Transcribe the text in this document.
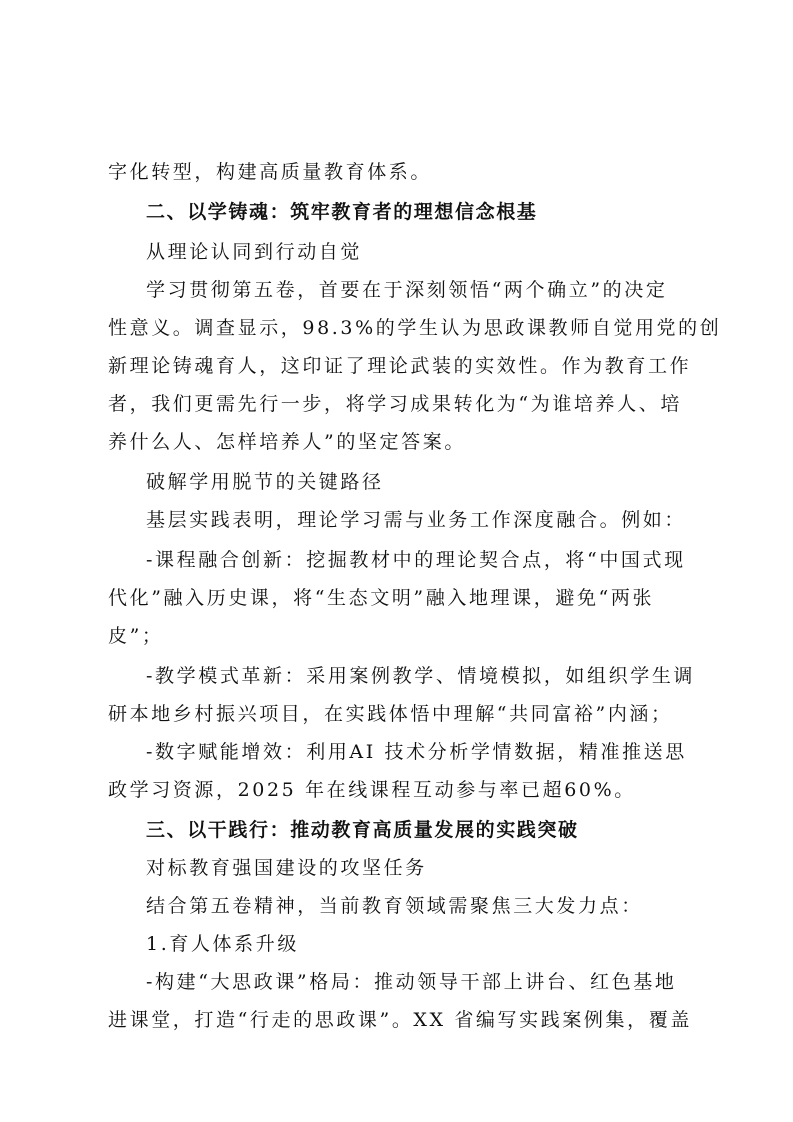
字化转型，构建高质量教育体系。
二、以学铸魂：筑牢教育者的理想信念根基
从理论认同到行动自觉
学习贯彻第五卷，首要在于深刻领悟“两个确立”的决定
性意义。调查显示，98.3%的学生认为思政课教师自觉用党的创
新理论铸魂育人，这印证了理论武装的实效性。作为教育工作
者，我们更需先行一步，将学习成果转化为“为谁培养人、培
养什么人、怎样培养人”的坚定答案。
破解学用脱节的关键路径
基层实践表明，理论学习需与业务工作深度融合。例如：
-课程融合创新：挖掘教材中的理论契合点，将“中国式现
代化”融入历史课，将“生态文明”融入地理课，避免“两张
皮”；
-教学模式革新：采用案例教学、情境模拟，如组织学生调
研本地乡村振兴项目，在实践体悟中理解“共同富裕”内涵；
-数字赋能增效：利用AI 技术分析学情数据，精准推送思
政学习资源，2025 年在线课程互动参与率已超60%。
三、以干践行：推动教育高质量发展的实践突破
对标教育强国建设的攻坚任务
结合第五卷精神，当前教育领域需聚焦三大发力点：
1.育人体系升级
-构建“大思政课”格局：推动领导干部上讲台、红色基地
进课堂，打造“行走的思政课”。XX 省编写实践案例集，覆盖
